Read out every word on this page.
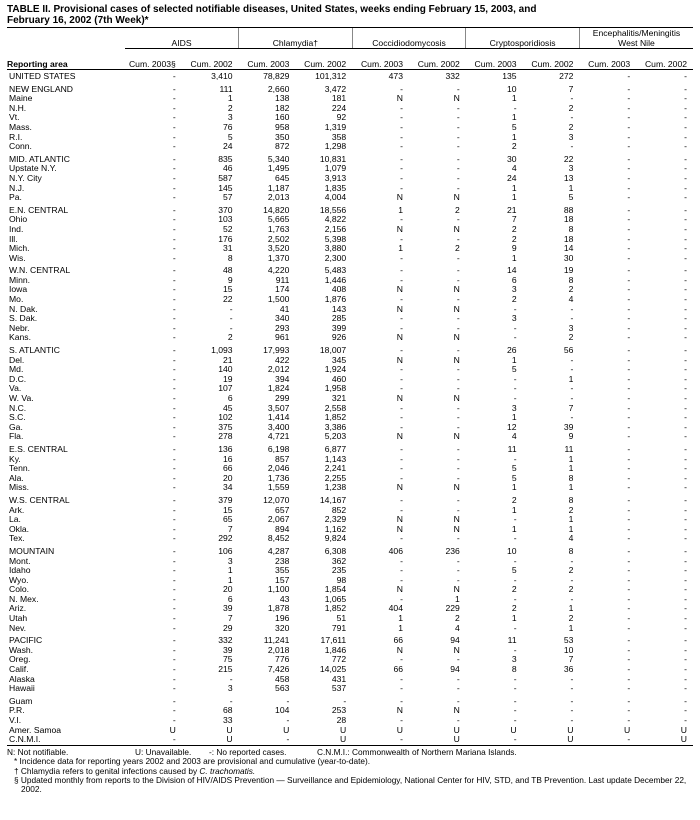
TABLE II. Provisional cases of selected notifiable diseases, United States, weeks ending February 15, 2003, and February 16, 2002 (7th Week)*
	AIDS		Chlamydia†		Coccidiodomycosis		Cryptosporidiosis		Encephalitis/Meningitis West Nile	
Reporting area	Cum. 2003§	Cum. 2002	Cum. 2003	Cum. 2002	Cum. 2003	Cum. 2002	Cum. 2003	Cum. 2002	Cum. 2003	Cum. 2002
UNITED STATES	-	3,410	78,829	101,312	473	332	135	272	-	-
NEW ENGLAND	-	111	2,660	3,472	-	-	10	7	-	-
Maine	-	1	138	181	N	N	1	-	-	-
N.H.	-	2	182	224	-	-	-	2	-	-
Vt.	-	3	160	92	-	-	1	-	-	-
Mass.	-	76	958	1,319	-	-	5	2	-	-
R.I.	-	5	350	358	-	-	1	3	-	-
Conn.	-	24	872	1,298	-	-	2	-	-	-
MID. ATLANTIC	-	835	5,340	10,831	-	-	30	22	-	-
Upstate N.Y.	-	46	1,495	1,079	-	-	4	3	-	-
N.Y. City	-	587	645	3,913	-	-	24	13	-	-
N.J.	-	145	1,187	1,835	-	-	1	1	-	-
Pa.	-	57	2,013	4,004	N	N	1	5	-	-
E.N. CENTRAL	-	370	14,820	18,556	1	2	21	88	-	-
Ohio	-	103	5,665	4,822	-	-	7	18	-	-
Ind.	-	52	1,763	2,156	N	N	2	8	-	-
Ill.	-	176	2,502	5,398	-	-	2	18	-	-
Mich.	-	31	3,520	3,880	1	2	9	14	-	-
Wis.	-	8	1,370	2,300	-	-	1	30	-	-
W.N. CENTRAL	-	48	4,220	5,483	-	-	14	19	-	-
Minn.	-	9	911	1,446	-	-	6	8	-	-
Iowa	-	15	174	408	N	N	3	2	-	-
Mo.	-	22	1,500	1,876	-	-	2	4	-	-
N. Dak.	-	-	41	143	N	N	-	-	-	-
S. Dak.	-	-	340	285	-	-	3	-	-	-
Nebr.	-	-	293	399	-	-	-	3	-	-
Kans.	-	2	961	926	N	N	-	2	-	-
S. ATLANTIC	-	1,093	17,993	18,007	-	-	26	56	-	-
Del.	-	21	422	345	N	N	1	-	-	-
Md.	-	140	2,012	1,924	-	-	5	-	-	-
D.C.	-	19	394	460	-	-	-	1	-	-
Va.	-	107	1,824	1,958	-	-	-	-	-	-
W. Va.	-	6	299	321	N	N	-	-	-	-
N.C.	-	45	3,507	2,558	-	-	3	7	-	-
S.C.	-	102	1,414	1,852	-	-	1	-	-	-
Ga.	-	375	3,400	3,386	-	-	12	39	-	-
Fla.	-	278	4,721	5,203	N	N	4	9	-	-
E.S. CENTRAL	-	136	6,198	6,877	-	-	11	11	-	-
Ky.	-	16	857	1,143	-	-	-	1	-	-
Tenn.	-	66	2,046	2,241	-	-	5	1	-	-
Ala.	-	20	1,736	2,255	-	-	5	8	-	-
Miss.	-	34	1,559	1,238	N	N	1	1	-	-
W.S. CENTRAL	-	379	12,070	14,167	-	-	2	8	-	-
Ark.	-	15	657	852	-	-	1	2	-	-
La.	-	65	2,067	2,329	N	N	-	1	-	-
Okla.	-	7	894	1,162	N	N	1	1	-	-
Tex.	-	292	8,452	9,824	-	-	-	4	-	-
MOUNTAIN	-	106	4,287	6,308	406	236	10	8	-	-
Mont.	-	3	238	362	-	-	-	-	-	-
Idaho	-	1	355	235	-	-	5	2	-	-
Wyo.	-	1	157	98	-	-	-	-	-	-
Colo.	-	20	1,100	1,854	N	N	2	2	-	-
N. Mex.	-	6	43	1,065	-	1	-	-	-	-
Ariz.	-	39	1,878	1,852	404	229	2	1	-	-
Utah	-	7	196	51	1	2	1	2	-	-
Nev.	-	29	320	791	1	4	-	1	-	-
PACIFIC	-	332	11,241	17,611	66	94	11	53	-	-
Wash.	-	39	2,018	1,846	N	N	-	10	-	-
Oreg.	-	75	776	772	-	-	3	7	-	-
Calif.	-	215	7,426	14,025	66	94	8	36	-	-
Alaska	-	-	458	431	-	-	-	-	-	-
Hawaii	-	3	563	537	-	-	-	-	-	-
Guam	-	-	-	-	-	-	-	-	-	-
P.R.	-	68	104	253	N	N	-	-	-	-
V.I.	-	33	-	28	-	-	-	-	-	-
Amer. Samoa	U	U	U	U	U	U	U	U	U	U
C.N.M.I.	-	U	-	U	-	U	-	U	-	U
N: Not notifiable.	U: Unavailable. -: No reported cases.	C.N.M.I.: Commonwealth of Northern Mariana Islands.
* Incidence data for reporting years 2002 and 2003 are provisional and cumulative (year-to-date).
† Chlamydia refers to genital infections caused by C. trachomatis.
§ Updated monthly from reports to the Division of HIV/AIDS Prevention — Surveillance and Epidemiology, National Center for HIV, STD, and TB Prevention. Last update December 22, 2002.
